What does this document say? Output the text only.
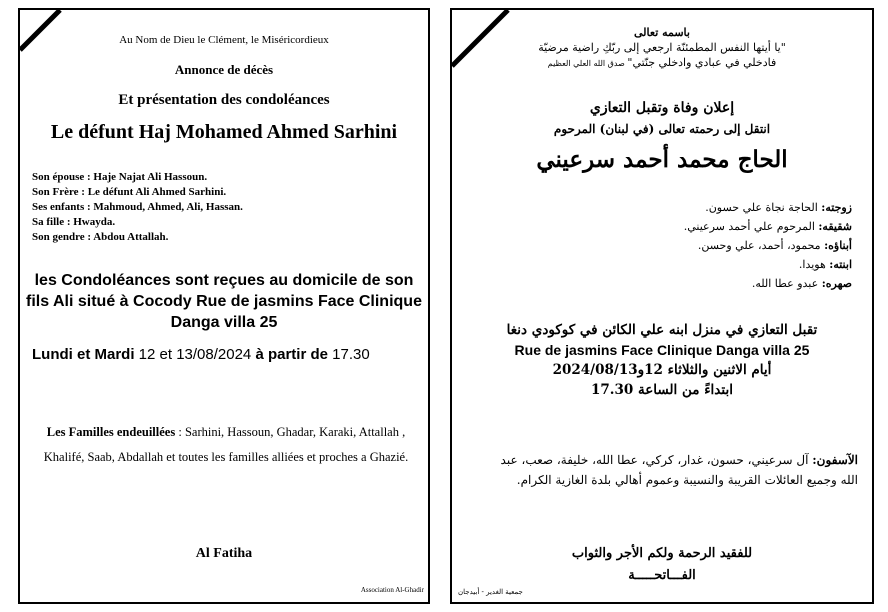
Au Nom de Dieu le Clément, le Miséricordieux

Annonce de décès

Et présentation des condoléances

Le défunt Haj Mohamed Ahmed Sarhini

Son épouse : Haje Najat Ali Hassoun.
Son Frère : Le défunt Ali Ahmed Sarhini.
Ses enfants : Mahmoud, Ahmed, Ali, Hassan.
Sa fille : Hwayda.
Son gendre : Abdou Attallah.

les Condoléances sont reçues au domicile de son fils Ali situé à Cocody Rue de jasmins Face Clinique Danga villa 25

Lundi et Mardi 12 et 13/08/2024 à partir de 17.30

Les Familles endeuillées : Sarhini, Hassoun, Ghadar, Karaki, Attallah , Khalifé, Saab, Abdallah et toutes les familles alliées et proches a Ghazié.

Al Fatiha

Association Al-Ghadir

باسمه تعالى

"يا أيتها النفس المطمئنّة ارجعي إلى ربّكِ راضية مرضيّة
فادخلي في عبادي وادخلي جنّتي" صدق الله العلي العظيم

إعلان وفاة وتقبل التعازي

انتقل إلى رحمته تعالى (في لبنان) المرحوم

الحاج محمد أحمد سرعيني

زوجته: الحاجة نجاة علي حسون.
شقيقه: المرحوم علي أحمد سرعيني.
أبناؤه: محمود، أحمد، علي وحسن.
ابنته: هويدا.
صهره: عبدو عطا الله.
تقبل التعازي في منزل ابنه علي الكائن في كوكودي دنغا
Rue de jasmins Face Clinique Danga villa 25
أيام الاثنين والثلاثاء 12و2024/08/13
ابتداءً من الساعة 17.30

الآسفون: آل سرعيني، حسون، غدار، كركي، عطا الله، خليفة، صعب، عبد الله وجميع العائلات القريبة والنسيبة وعموم أهالي بلدة الغازية الكرام.

للفقيد الرحمة ولكم الأجر والثواب

الفـــاتحـــــة

جمعية الغدير - أبيدجان
